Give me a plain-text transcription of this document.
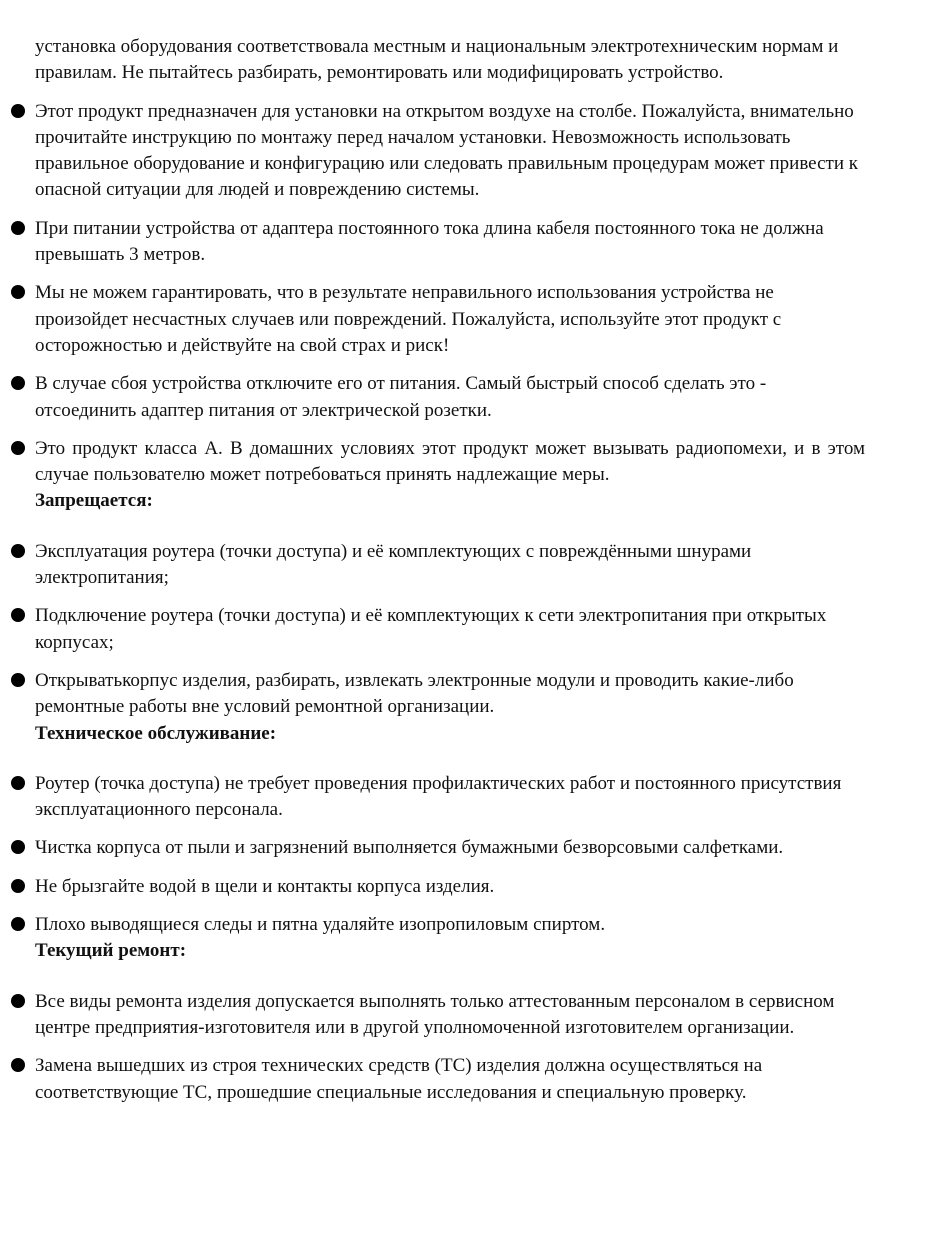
установка оборудования соответствовала местным и национальным электротехническим нормам и правилам. Не пытайтесь разбирать, ремонтировать или модифицировать устройство.

Этот продукт предназначен для установки на открытом воздухе на столбе. Пожалуйста, внимательно прочитайте инструкцию по монтажу перед началом установки. Невозможность использовать правильное оборудование и конфигурацию или следовать правильным процедурам может привести к опасной ситуации для людей и повреждению системы.

При питании устройства от адаптера постоянного тока длина кабеля постоянного тока не должна превышать 3 метров.

Мы не можем гарантировать, что в результате неправильного использования устройства не произойдет несчастных случаев или повреждений. Пожалуйста, используйте этот продукт с осторожностью и действуйте на свой страх и риск!

В случае сбоя устройства отключите его от питания. Самый быстрый способ сделать это - отсоединить адаптер питания от электрической розетки.

Это продукт класса A. В домашних условиях этот продукт может вызывать радиопомехи, и в этом случае пользователю может потребоваться принять надлежащие меры.

Запрещается:

Эксплуатация роутера (точки доступа) и её комплектующих с повреждёнными шнурами электропитания;

Подключение роутера (точки доступа) и её комплектующих к сети электропитания при открытых корпусах;

Открыватькорпус изделия, разбирать, извлекать электронные модули и проводить какие-либо ремонтные работы вне условий ремонтной организации.

Техническое обслуживание:

Роутер (точка доступа) не требует проведения профилактических работ и постоянного присутствия эксплуатационного персонала.

Чистка корпуса от пыли и загрязнений выполняется бумажными безворсовыми салфетками.

Не брызгайте водой в щели и контакты корпуса изделия.

Плохо выводящиеся следы и пятна удаляйте изопропиловым спиртом.

Текущий ремонт:

Все виды ремонта изделия допускается выполнять только аттестованным персоналом в сервисном центре предприятия-изготовителя или в другой уполномоченной изготовителем организации.

Замена вышедших из строя технических средств (ТС) изделия должна осуществляться на соответствующие ТС, прошедшие специальные исследования и специальную проверку.
